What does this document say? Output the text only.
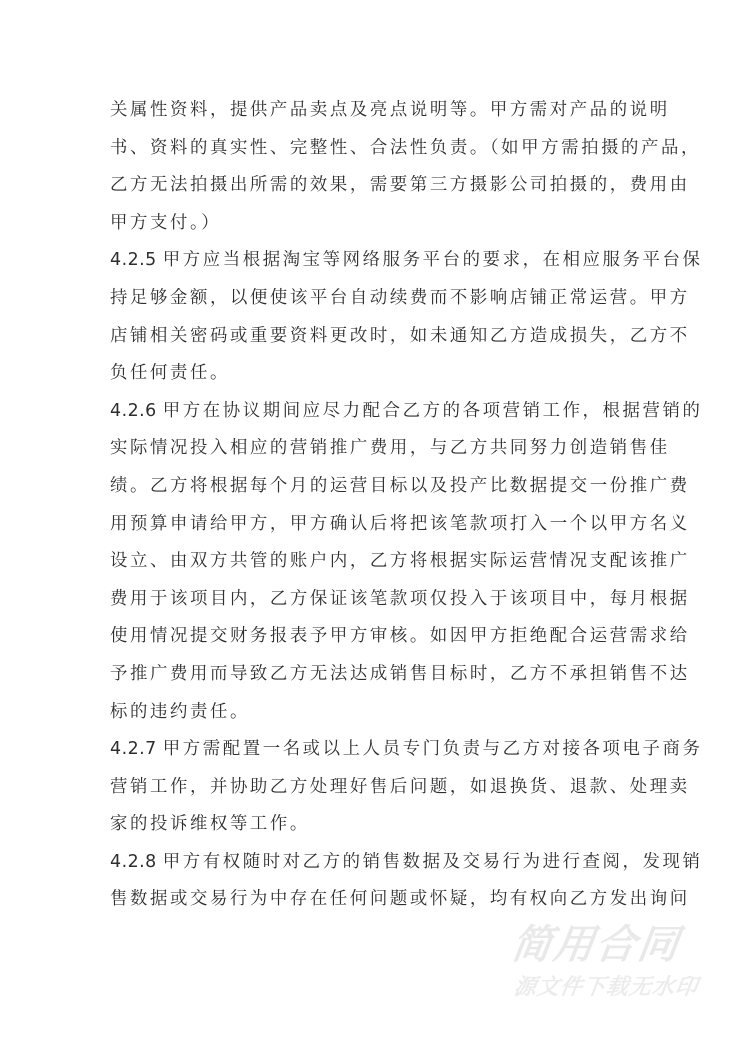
关属性资料，提供产品卖点及亮点说明等。甲方需对产品的说明
书、资料的真实性、完整性、合法性负责。（如甲方需拍摄的产品，
乙方无法拍摄出所需的效果，需要第三方摄影公司拍摄的，费用由
甲方支付。）
4.2.5 甲方应当根据淘宝等网络服务平台的要求，在相应服务平台保
持足够金额，以便使该平台自动续费而不影响店铺正常运营。甲方
店铺相关密码或重要资料更改时，如未通知乙方造成损失，乙方不
负任何责任。
4.2.6 甲方在协议期间应尽力配合乙方的各项营销工作，根据营销的
实际情况投入相应的营销推广费用，与乙方共同努力创造销售佳
绩。乙方将根据每个月的运营目标以及投产比数据提交一份推广费
用预算申请给甲方，甲方确认后将把该笔款项打入一个以甲方名义
设立、由双方共管的账户内，乙方将根据实际运营情况支配该推广
费用于该项目内，乙方保证该笔款项仅投入于该项目中，每月根据
使用情况提交财务报表予甲方审核。如因甲方拒绝配合运营需求给
予推广费用而导致乙方无法达成销售目标时，乙方不承担销售不达
标的违约责任。
4.2.7 甲方需配置一名或以上人员专门负责与乙方对接各项电子商务
营销工作，并协助乙方处理好售后问题，如退换货、退款、处理卖
家的投诉维权等工作。
4.2.8 甲方有权随时对乙方的销售数据及交易行为进行查阅，发现销
售数据或交易行为中存在任何问题或怀疑，均有权向乙方发出询问
简用合同
源文件下载无水印
